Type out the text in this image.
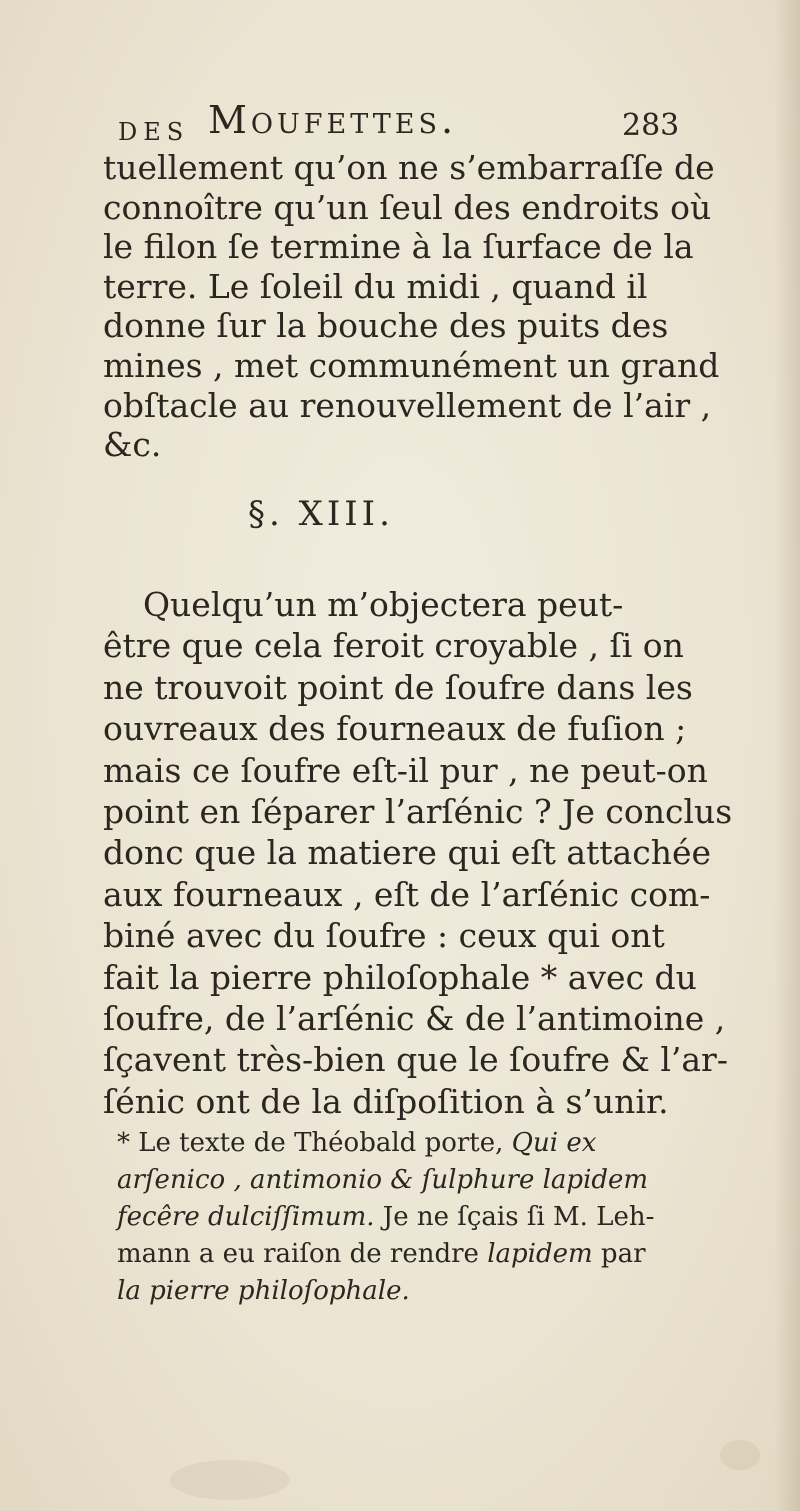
DES Moufettes.	283
tuellement qu’on ne s’embarraſſe de
connoître qu’un ſeul des endroits où
le filon ſe termine à la ſurface de la
terre. Le ſoleil du midi , quand il
donne ſur la bouche des puits des
mines , met communément un grand
obſtacle au renouvellement de l’air ,
&c.
§. XIII.
Quelqu’un m’objectera peut-
être que cela feroit croyable , ſi on
ne trouvoit point de ſoufre dans les
ouvreaux des fourneaux de fuſion ;
mais ce ſoufre eſt-il pur , ne peut-on
point en ſéparer l’arſénic ? Je conclus
donc que la matiere qui eſt attachée
aux fourneaux , eſt de l’arſénic com-
biné avec du ſoufre : ceux qui ont
fait la pierre philoſophale * avec du
ſoufre, de l’arſénic & de l’antimoine ,
ſçavent très-bien que le ſoufre & l’ar-
ſénic ont de la diſpoſition à s’unir.
* Le texte de Théobald porte, Qui ex
arſenico , antimonio & ſulphure lapidem
fecêre dulciſſimum. Je ne ſçais ſi M. Leh-
mann a eu raiſon de rendre lapidem par
la pierre philoſophale.
